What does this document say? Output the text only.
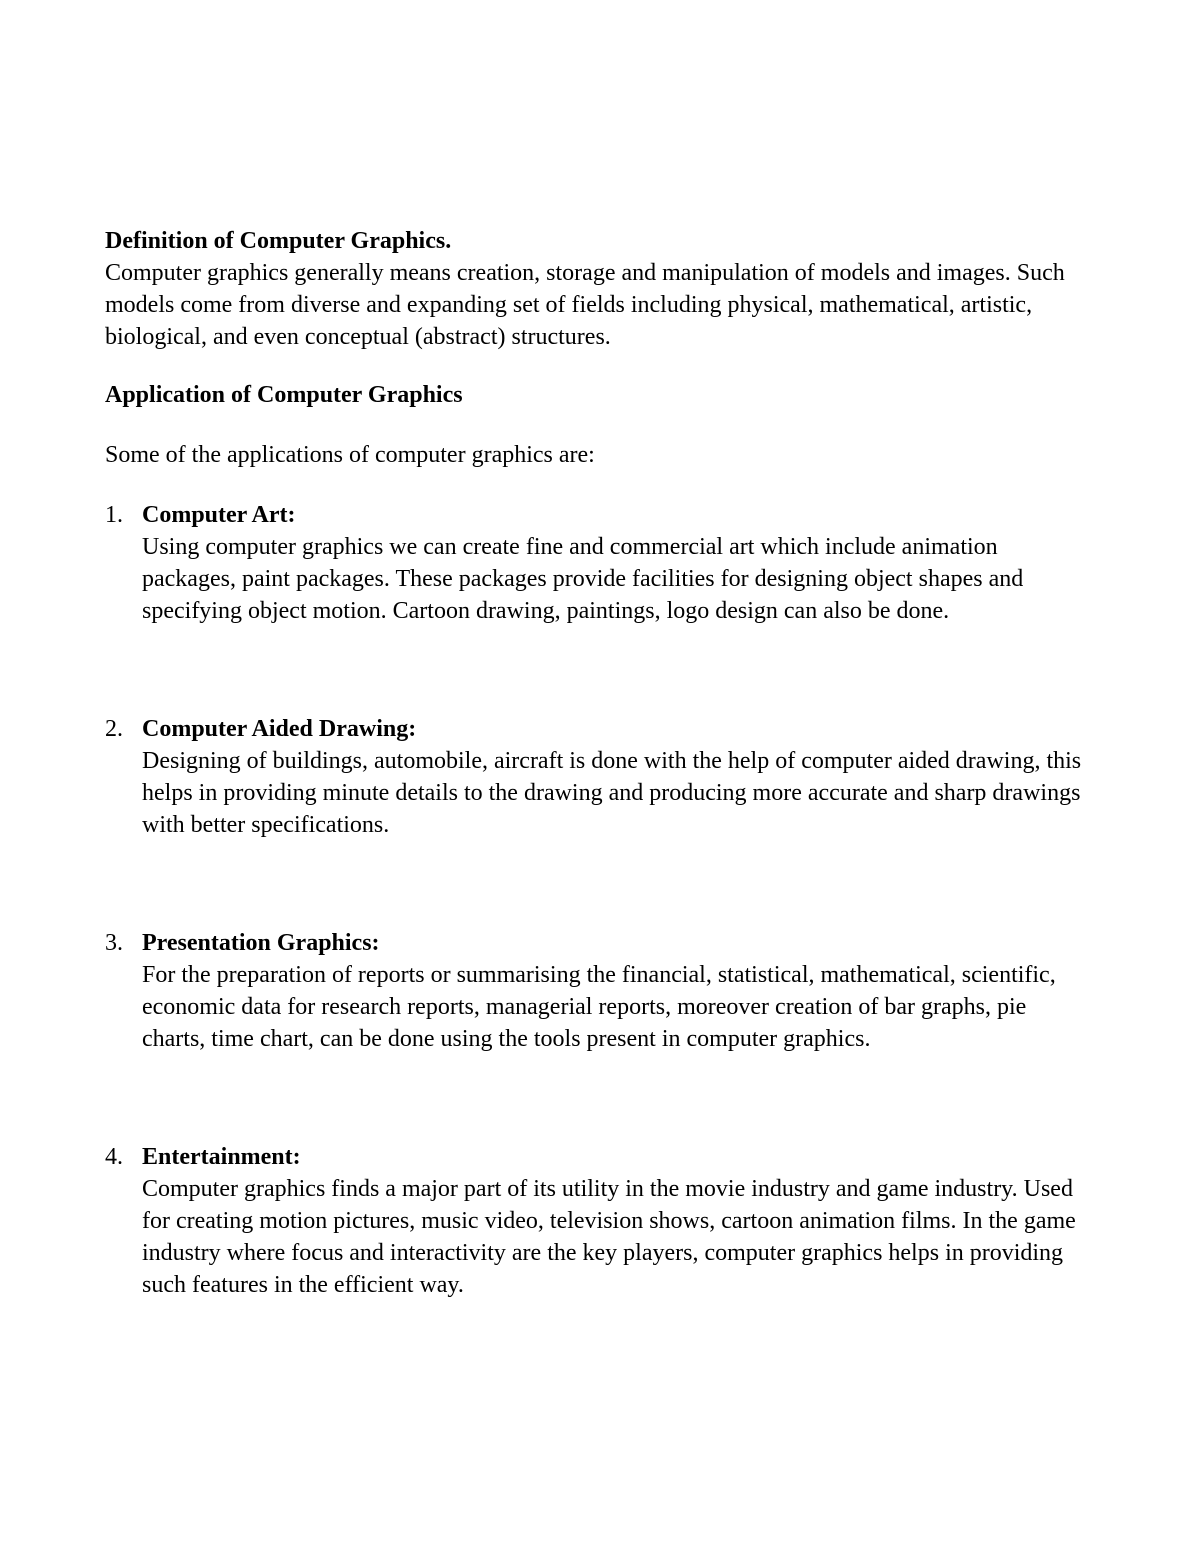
Definition of Computer Graphics.

Computer graphics generally means creation, storage and manipulation of models and images. Such models come from diverse and expanding set of fields including physical, mathematical, artistic, biological, and even conceptual (abstract) structures.

Application of Computer Graphics

Some of the applications of computer graphics are:

1. Computer Art:
Using computer graphics we can create fine and commercial art which include animation packages, paint packages. These packages provide facilities for designing object shapes and specifying object motion. Cartoon drawing, paintings, logo design can also be done.
2. Computer Aided Drawing:
Designing of buildings, automobile, aircraft is done with the help of computer aided drawing, this helps in providing minute details to the drawing and producing more accurate and sharp drawings with better specifications.
3. Presentation Graphics:
For the preparation of reports or summarising the financial, statistical, mathematical, scientific, economic data for research reports, managerial reports, moreover creation of bar graphs, pie charts, time chart, can be done using the tools present in computer graphics.
4. Entertainment:
Computer graphics finds a major part of its utility in the movie industry and game industry. Used for creating motion pictures, music video, television shows, cartoon animation films. In the game industry where focus and interactivity are the key players, computer graphics helps in providing such features in the efficient way.
